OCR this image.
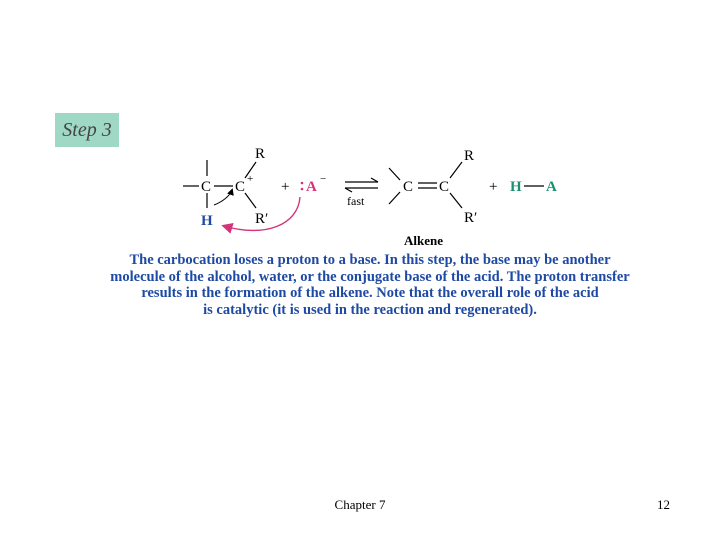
Step 3
C C +
R
R′
H
+ A −
fast
C C
R
R′
Alkene
+ H A
The carbocation loses a proton to a base. In this step, the base may be another
molecule of the alcohol, water, or the conjugate base of the acid. The proton transfer
results in the formation of the alkene. Note that the overall role of the acid
is catalytic (it is used in the reaction and regenerated).
Chapter 7	12
